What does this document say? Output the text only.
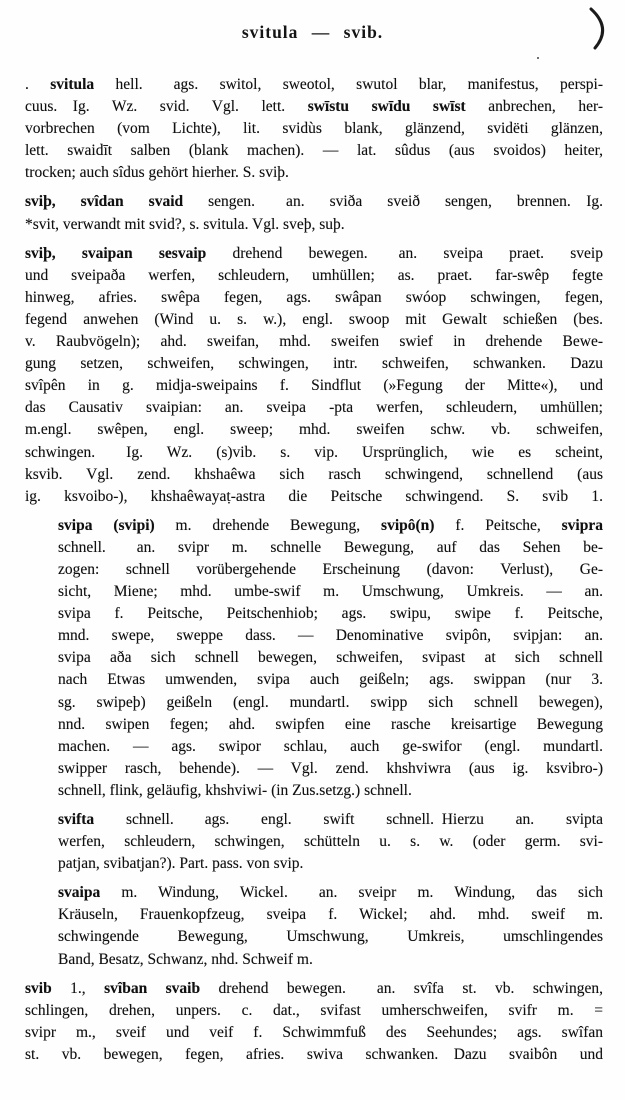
svitula — svib.
. svitula hell.  ags. switol, sweotol, swutol blar, manifestus, perspi-
cuus. Ig. Wz. svid. Vgl. lett. swīstu swīdu swīst anbrechen, her-
vorbrechen (vom Lichte), lit. svidùs blank, glänzend, svidëti glänzen,
lett. swaidīt salben (blank machen). — lat. sûdus (aus svoidos) heiter,
trocken; auch sîdus gehört hierher. S. sviþ.
sviþ, svîdan svaid sengen.  an. sviða sveið sengen, brennen. Ig.
*svit, verwandt mit svid?, s. svitula. Vgl. sveþ, suþ.
sviþ, svaipan sesvaip drehend bewegen.  an. sveipa praet. sveip
und sveipaða werfen, schleudern, umhüllen; as. praet. far-swêp fegte
hinweg, afries. swêpa fegen, ags. swâpan swóop schwingen, fegen,
fegend anwehen (Wind u. s. w.), engl. swoop mit Gewalt schießen (bes.
v. Raubvögeln); ahd. sweifan, mhd. sweifen swief in drehende Bewe-
gung setzen, schweifen, schwingen, intr. schweifen, schwanken. Dazu
svîpên in g. midja-sweipains f. Sindflut (»Fegung der Mitte«), und
das Causativ svaipian: an. sveipa -pta werfen, schleudern, umhüllen;
m.engl. swêpen, engl. sweep; mhd. sweifen schw. vb. schweifen,
schwingen.  Ig. Wz. (s)vib. s. vip. Ursprünglich, wie es scheint,
ksvib. Vgl. zend. khshaêwa sich rasch schwingend, schnellend (aus
ig. ksvoibo-), khshaêwayaṭ-astra die Peitsche schwingend. S. svib 1.
svipa (svipi) m. drehende Bewegung, svipô(n) f. Peitsche, svipra
schnell.  an. svipr m. schnelle Bewegung, auf das Sehen be-
zogen: schnell vorübergehende Erscheinung (davon: Verlust), Ge-
sicht, Miene; mhd. umbe-swif m. Umschwung, Umkreis. — an.
svipa f. Peitsche, Peitschenhiob; ags. swipu, swipe f. Peitsche,
mnd. swepe, sweppe dass. — Denominative svipôn, svipjan: an.
svipa aða sich schnell bewegen, schweifen, svipast at sich schnell
nach Etwas umwenden, svipa auch geißeln; ags. swippan (nur 3.
sg. swipeþ) geißeln (engl. mundartl. swipp sich schnell bewegen),
nnd. swipen fegen; ahd. swipfen eine rasche kreisartige Bewegung
machen. — ags. swipor schlau, auch ge-swifor (engl. mundartl.
swipper rasch, behende). — Vgl. zend. khshviwra (aus ig. ksvibro-)
schnell, flink, geläufig, khshviwi- (in Zus.setzg.) schnell.
svifta schnell.  ags. engl. swift schnell. Hierzu an. svipta
werfen, schleudern, schwingen, schütteln u. s. w. (oder germ. svi-
patjan, svibatjan?). Part. pass. von svip.
svaipa m. Windung, Wickel.  an. sveipr m. Windung, das sich
Kräuseln, Frauenkopfzeug, sveipa f. Wickel; ahd. mhd. sweif m.
schwingende Bewegung, Umschwung, Umkreis, umschlingendes
Band, Besatz, Schwanz, nhd. Schweif m.
svib 1., svîban svaib drehend bewegen.  an. svîfa st. vb. schwingen,
schlingen, drehen, unpers. c. dat., svifast umherschweifen, svifr m. =
svipr m., sveif und veif f. Schwimmfuß des Seehundes; ags. swîfan
st. vb. bewegen, fegen, afries. swiva schwanken. Dazu svaibôn und
